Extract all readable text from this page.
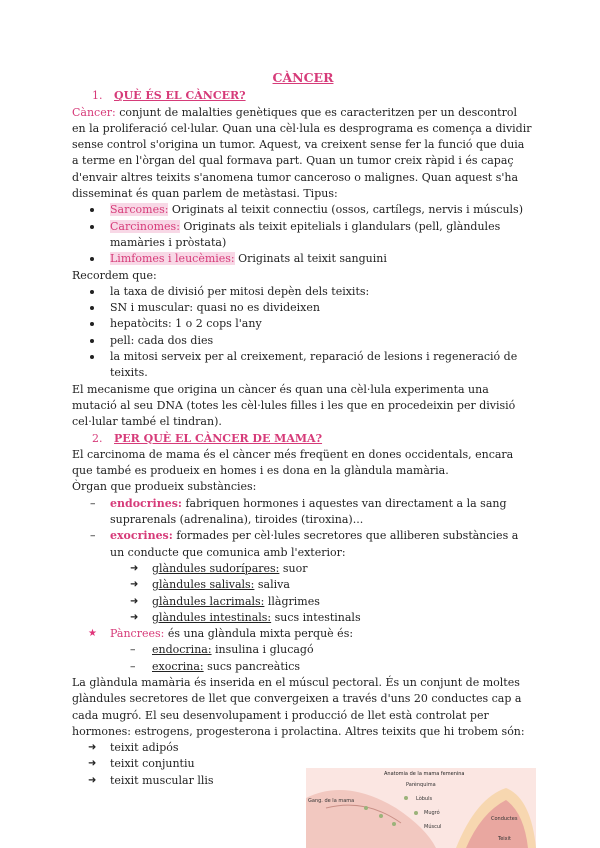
CÀNCER
1. QUÈ ÉS EL CÀNCER?
Càncer: conjunt de malalties genètiques que es caracteritzen per un descontrol en la proliferació cel·lular. Quan una cèl·lula es desprograma es comença a dividir sense control s'origina un tumor. Aquest, va creixent sense fer la funció que duia a terme en l'òrgan del qual formava part. Quan un tumor creix ràpid i és capaç d'envair altres teixits s'anomena tumor canceroso o malignes. Quan aquest s'ha disseminat és quan parlem de metàstasi. Tipus:
Sarcomes: Originats al teixit connectiu (ossos, cartílegs, nervis i músculs)
Carcinomes: Originats als teixit epitelials i glandulars (pell, glàndules mamàries i pròstata)
Limfomes i leucèmies: Originats al teixit sanguini
Recordem que:
la taxa de divisió per mitosi depèn dels teixits:
SN i muscular: quasi no es divideixen
hepatòcits: 1 o 2 cops l'any
pell: cada dos dies
la mitosi serveix per al creixement, reparació de lesions i regeneració de teixits.
El mecanisme que origina un càncer és quan una cèl·lula experimenta una mutació al seu DNA (totes les cèl·lules filles i les que en procedeixin per divisió cel·lular també el tindran).
2. PER QUÈ EL CÀNCER DE MAMA?
El carcinoma de mama és el càncer més freqüent en dones occidentals, encara que també es produeix en homes i es dona en la glàndula mamària.
Òrgan que produeix substàncies:
– endocrines: fabriquen hormones i aquestes van directament a la sang suprarenals (adrenalina), tiroides (tiroxina)...
– exocrines: formades per cèl·lules secretores que alliberen substàncies a un conducte que comunica amb l'exterior:
➜ glàndules sudorípares: suor
➜ glàndules salivals: saliva
➜ glàndules lacrimals: llàgrimes
➜ glàndules intestinals: sucs intestinals
★ Pàncrees: és una glàndula mixta perquè és:
– endocrina: insulina i glucagó
– exocrina: sucs pancreàtics
La glàndula mamària és inserida en el múscul pectoral. És un conjunt de moltes glàndules secretores de llet que convergeixen a través d'uns 20 conductes cap a cada mugró. El seu desenvolupament i producció de llet està controlat per hormones: estrogens, progesterona i prolactina. Altres teixits que hi trobem són:
➜ teixit adipós
➜ teixit conjuntiu
➜ teixit muscular llis	Anatomia de la mama femenina
Gang. de la mama
Parènquima
Lòbuls
Mugró
Múscul
Conductes
Teixit
